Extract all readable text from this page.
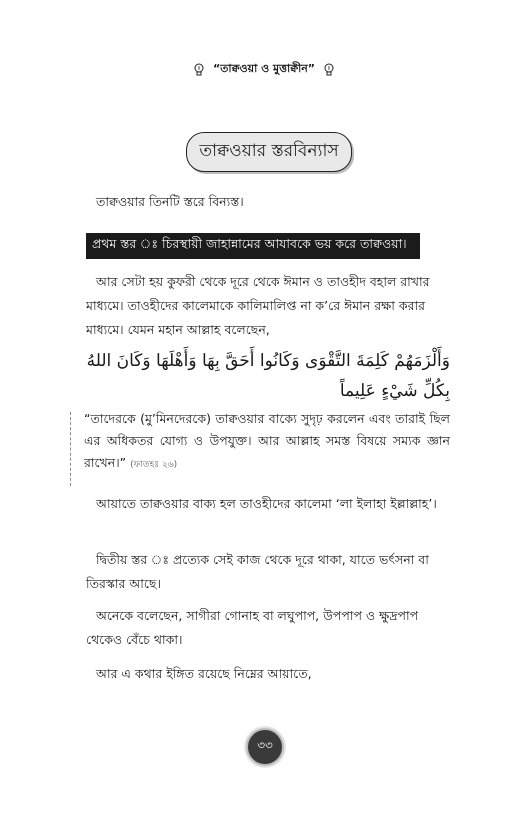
“তাক্বওয়া ও মুত্তাক্বীন”
তাক্বওয়ার স্তরবিন্যাস
তাক্বওয়ার তিনটি স্তরে বিন্যস্ত।
প্রথম স্তর ঃ চিরস্থায়ী জাহান্নামের আযাবকে ভয় করে তাক্বওয়া।
আর সেটা হয় কুফরী থেকে দূরে থেকে ঈমান ও তাওহীদ বহাল রাখার মাধ্যমে। তাওহীদের কালেমাকে কালিমালিপ্ত না ক’রে ঈমান রক্ষা করার মাধ্যমে। যেমন মহান আল্লাহ বলেছেন,
وَأَلْزَمَهُمْ كَلِمَةَ التَّقْوَى وَكَانُوا أَحَقَّ بِهَا وَأَهْلَهَا وَكَانَ اللهُ بِكُلِّ شَيْءٍ عَلِيماً
“তাদেরকে (মু’মিনদেরকে) তাক্বওয়ার বাক্যে সুদৃঢ় করলেন এবং তারাই ছিল এর অধিকতর যোগ্য ও উপযুক্ত। আর আল্লাহ সমস্ত বিষয়ে সম্যক জ্ঞান রাখেন।” (ফাতহঃ ২৬)
আয়াতে তাক্বওয়ার বাক্য হল তাওহীদের কালেমা ‘লা ইলাহা ইল্লাল্লাহ’।
দ্বিতীয় স্তর ঃ প্রত্যেক সেই কাজ থেকে দূরে থাকা, যাতে ভর্ৎসনা বা তিরস্কার আছে।
অনেকে বলেছেন, সাগীরা গোনাহ বা লঘুপাপ, উপপাপ ও ক্ষুদ্রপাপ থেকেও বেঁচে থাকা।
আর এ কথার ইঙ্গিত রয়েছে নিম্নের আয়াতে,
৩৩
